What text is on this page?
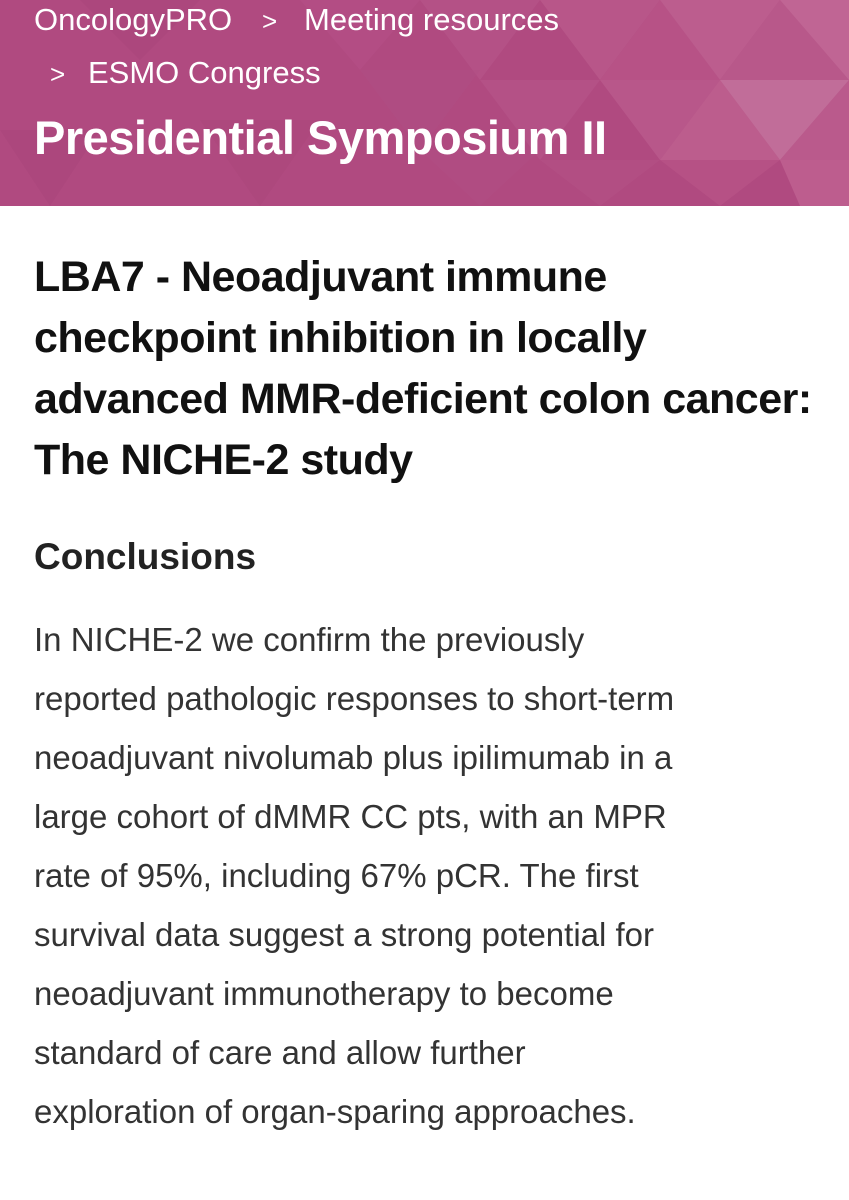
OncologyPRO > Meeting resources
> ESMO Congress
Presidential Symposium II
LBA7 - Neoadjuvant immune checkpoint inhibition in locally advanced MMR-deficient colon cancer: The NICHE-2 study
Conclusions
In NICHE-2 we confirm the previously
reported pathologic responses to short-term
neoadjuvant nivolumab plus ipilimumab in a
large cohort of dMMR CC pts, with an MPR
rate of 95%, including 67% pCR. The first
survival data suggest a strong potential for
neoadjuvant immunotherapy to become
standard of care and allow further
exploration of organ-sparing approaches.
